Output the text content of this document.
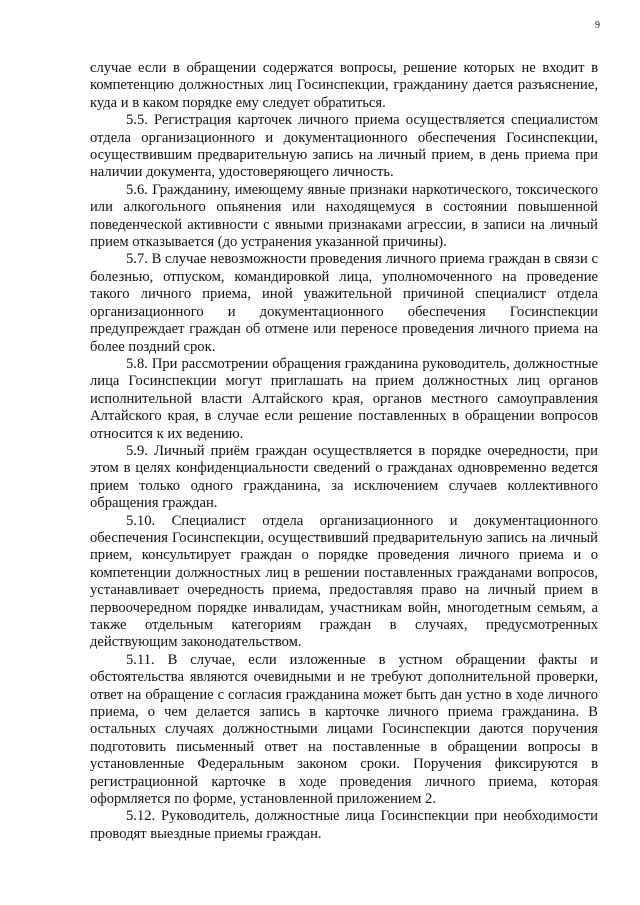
9

случае если в обращении содержатся вопросы, решение которых не входит в компетенцию должностных лиц Госинспекции, гражданину дается разъяснение, куда и в каком порядке ему следует обратиться.

5.5. Регистрация карточек личного приема осуществляется специалистом отдела организационного и документационного обеспечения Госинспекции, осуществившим предварительную запись на личный прием, в день приема при наличии документа, удостоверяющего личность.

5.6. Гражданину, имеющему явные признаки наркотического, токсического или алкогольного опьянения или находящемуся в состоянии повышенной поведенческой активности с явными признаками агрессии, в записи на личный прием отказывается (до устранения указанной причины).

5.7. В случае невозможности проведения личного приема граждан в связи с болезнью, отпуском, командировкой лица, уполномоченного на проведение такого личного приема, иной уважительной причиной специалист отдела организационного и документационного обеспечения Госинспекции предупреждает граждан об отмене или переносе проведения личного приема на более поздний срок.

5.8. При рассмотрении обращения гражданина руководитель, должностные лица Госинспекции могут приглашать на прием должностных лиц органов исполнительной власти Алтайского края, органов местного самоуправления Алтайского края, в случае если решение поставленных в обращении вопросов относится к их ведению.

5.9. Личный приём граждан осуществляется в порядке очередности, при этом в целях конфиденциальности сведений о гражданах одновременно ведется прием только одного гражданина, за исключением случаев коллективного обращения граждан.

5.10. Специалист отдела организационного и документационного обеспечения Госинспекции, осуществивший предварительную запись на личный прием, консультирует граждан о порядке проведения личного приема и о компетенции должностных лиц в решении поставленных гражданами вопросов, устанавливает очередность приема, предоставляя право на личный прием в первоочередном порядке инвалидам, участникам войн, многодетным семьям, а также отдельным категориям граждан в случаях, предусмотренных действующим законодательством.

5.11. В случае, если изложенные в устном обращении факты и обстоятельства являются очевидными и не требуют дополнительной проверки, ответ на обращение с согласия гражданина может быть дан устно в ходе личного приема, о чем делается запись в карточке личного приема гражданина. В остальных случаях должностными лицами Госинспекции даются поручения подготовить письменный ответ на поставленные в обращении вопросы в установленные Федеральным законом сроки. Поручения фиксируются в регистрационной карточке в ходе проведения личного приема, которая оформляется по форме, установленной приложением 2.

5.12. Руководитель, должностные лица Госинспекции при необходимости проводят выездные приемы граждан.
